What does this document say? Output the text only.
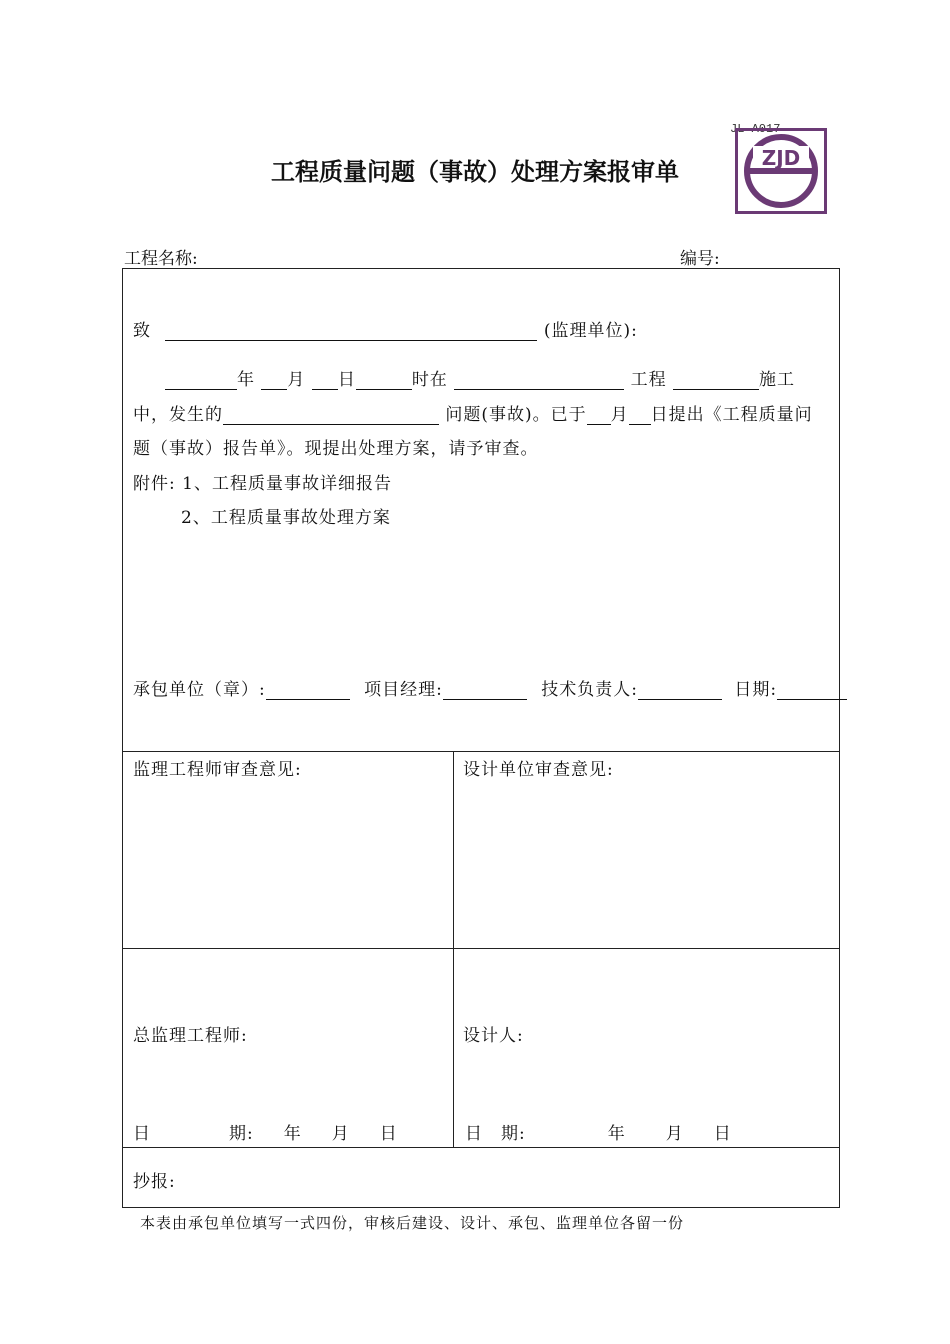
JL-A017
工程质量问题（事故）处理方案报审单	ZJD
工程名称:	编号:
致	(监理单位):
年 月 日	时在	工程	施工
中，发生的	问题(事故)。已于 月 日提出《工程质量问
题（事故）报告单》。现提出处理方案，请予审查。
附件: 1、工程质量事故详细报告
2、工程质量事故处理方案
承包单位（章）:	项目经理:	技术负责人:	日期:
监理工程师审查意见:	设计单位审查意见:
总监理工程师:	设计人:
日	期: 年 月 日	日 期:	年 月 日
抄报:
本表由承包单位填写一式四份，审核后建设、设计、承包、监理单位各留一份
